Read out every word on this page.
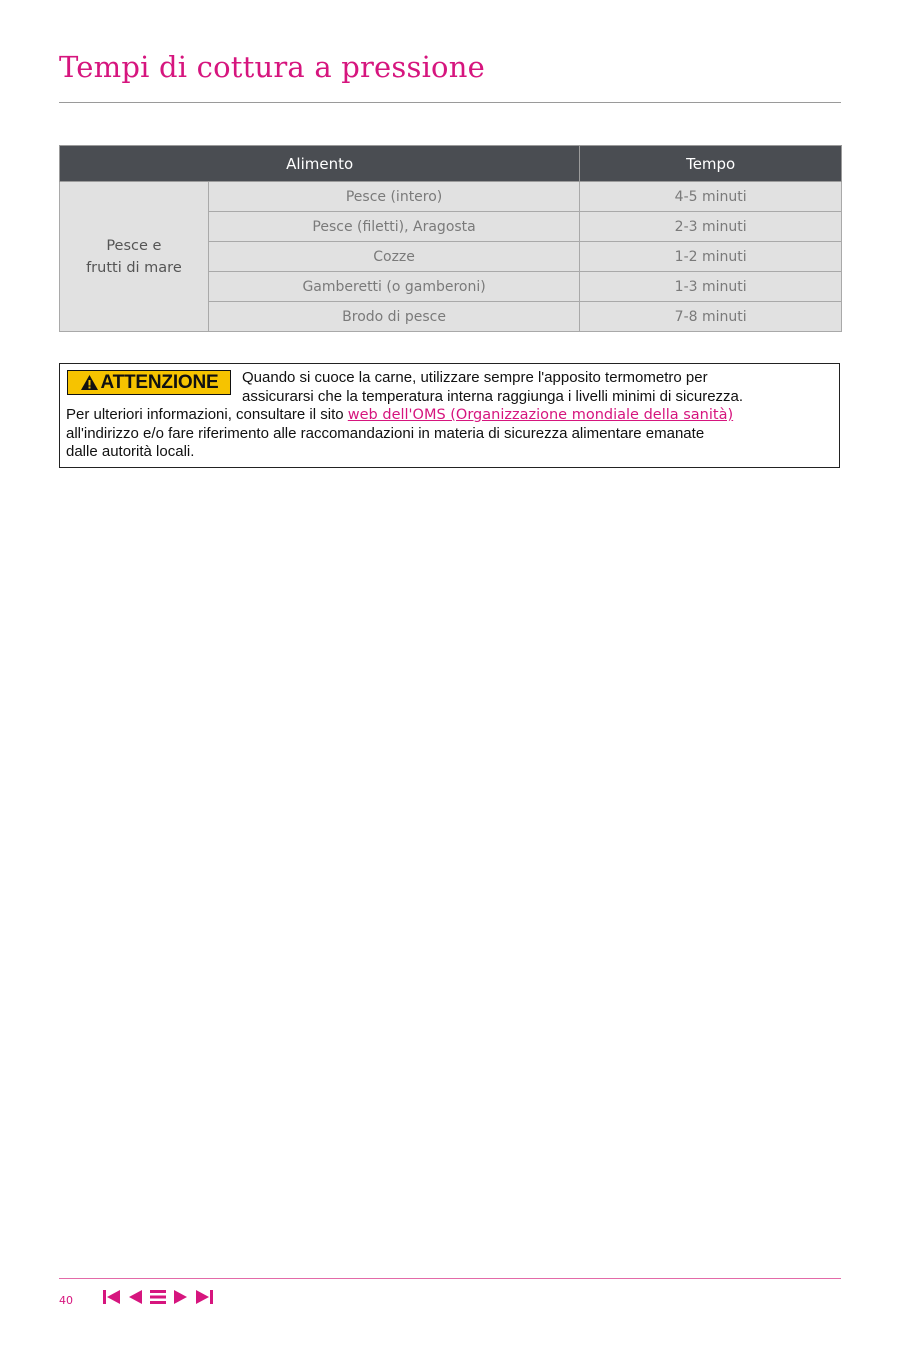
Tempi di cottura a pressione
Alimento		Tempo
Pesce e
frutti di mare	Pesce (intero)	4-5 minuti
	Pesce (filetti), Aragosta	2-3 minuti
	Cozze	1-2 minuti
	Gamberetti (o gamberoni)	1-3 minuti
	Brodo di pesce	7-8 minuti
ATTENZIONE Quando si cuoce la carne, utilizzare sempre l'apposito termometro per
assicurarsi che la temperatura interna raggiunga i livelli minimi di sicurezza.
Per ulteriori informazioni, consultare il sito web dell'OMS (Organizzazione mondiale della sanità)
all'indirizzo e/o fare riferimento alle raccomandazioni in materia di sicurezza alimentare emanate
dalle autorità locali.
40
